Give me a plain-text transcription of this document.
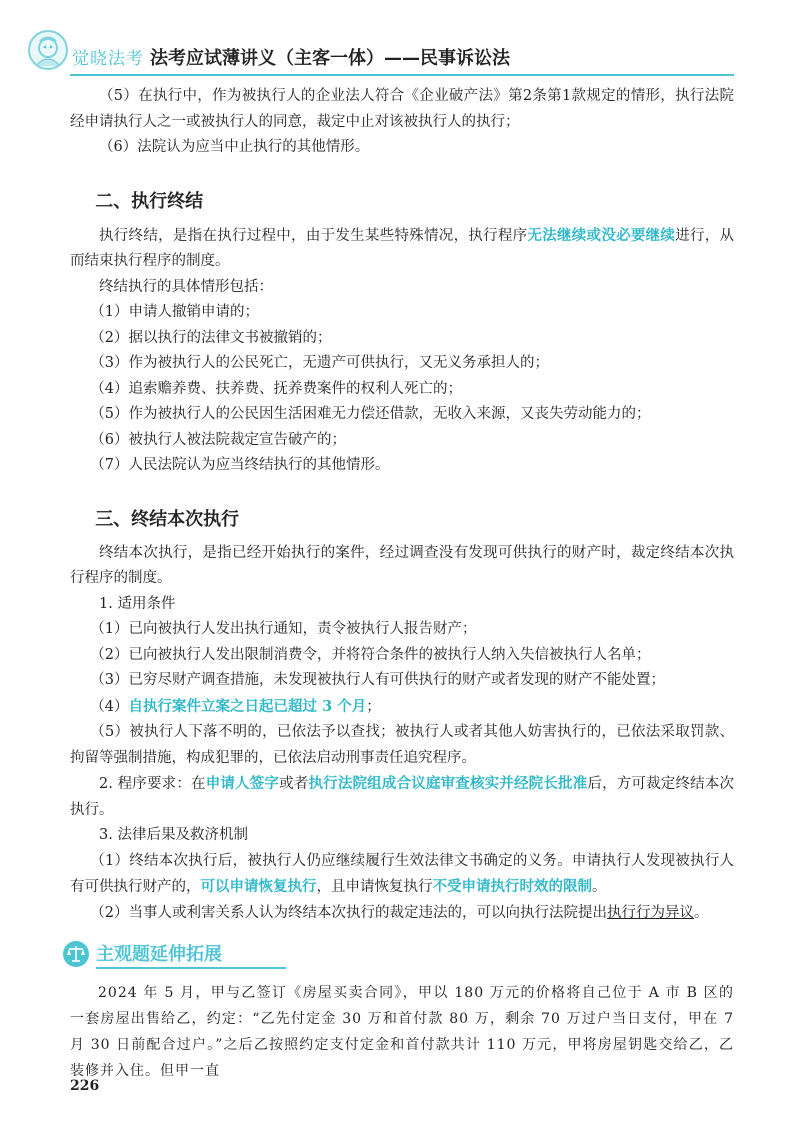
觉晓法考 法考应试薄讲义（主客一体）——民事诉讼法

（5）在执行中，作为被执行人的企业法人符合《企业破产法》第2条第1款规定的情形，执行法院经申请执行人之一或被执行人的同意，裁定中止对该被执行人的执行；

（6）法院认为应当中止执行的其他情形。

二、执行终结

执行终结，是指在执行过程中，由于发生某些特殊情况，执行程序无法继续或没必要继续进行，从而结束执行程序的制度。

终结执行的具体情形包括：

（1）申请人撤销申请的；

（2）据以执行的法律文书被撤销的；

（3）作为被执行人的公民死亡，无遗产可供执行，又无义务承担人的；

（4）追索赡养费、扶养费、抚养费案件的权利人死亡的；

（5）作为被执行人的公民因生活困难无力偿还借款，无收入来源，又丧失劳动能力的；

（6）被执行人被法院裁定宣告破产的；

（7）人民法院认为应当终结执行的其他情形。

三、终结本次执行

终结本次执行，是指已经开始执行的案件，经过调查没有发现可供执行的财产时，裁定终结本次执行程序的制度。

1. 适用条件

（1）已向被执行人发出执行通知，责令被执行人报告财产；

（2）已向被执行人发出限制消费令，并将符合条件的被执行人纳入失信被执行人名单；

（3）已穷尽财产调查措施，未发现被执行人有可供执行的财产或者发现的财产不能处置；

（4）自执行案件立案之日起已超过 3 个月；

（5）被执行人下落不明的，已依法予以查找；被执行人或者其他人妨害执行的，已依法采取罚款、拘留等强制措施，构成犯罪的，已依法启动刑事责任追究程序。

2. 程序要求：在申请人签字或者执行法院组成合议庭审查核实并经院长批准后，方可裁定终结本次执行。

3. 法律后果及救济机制

（1）终结本次执行后，被执行人仍应继续履行生效法律文书确定的义务。申请执行人发现被执行人有可供执行财产的，可以申请恢复执行，且申请恢复执行不受申请执行时效的限制。

（2）当事人或利害关系人认为终结本次执行的裁定违法的，可以向执行法院提出执行行为异议。

主观题延伸拓展

2024 年 5 月，甲与乙签订《房屋买卖合同》，甲以 180 万元的价格将自己位于 A 市 B 区的一套房屋出售给乙，约定：“乙先付定金 30 万和首付款 80 万，剩余 70 万过户当日支付，甲在 7 月 30 日前配合过户。”之后乙按照约定支付定金和首付款共计 110 万元，甲将房屋钥匙交给乙，乙装修并入住。但甲一直

226
